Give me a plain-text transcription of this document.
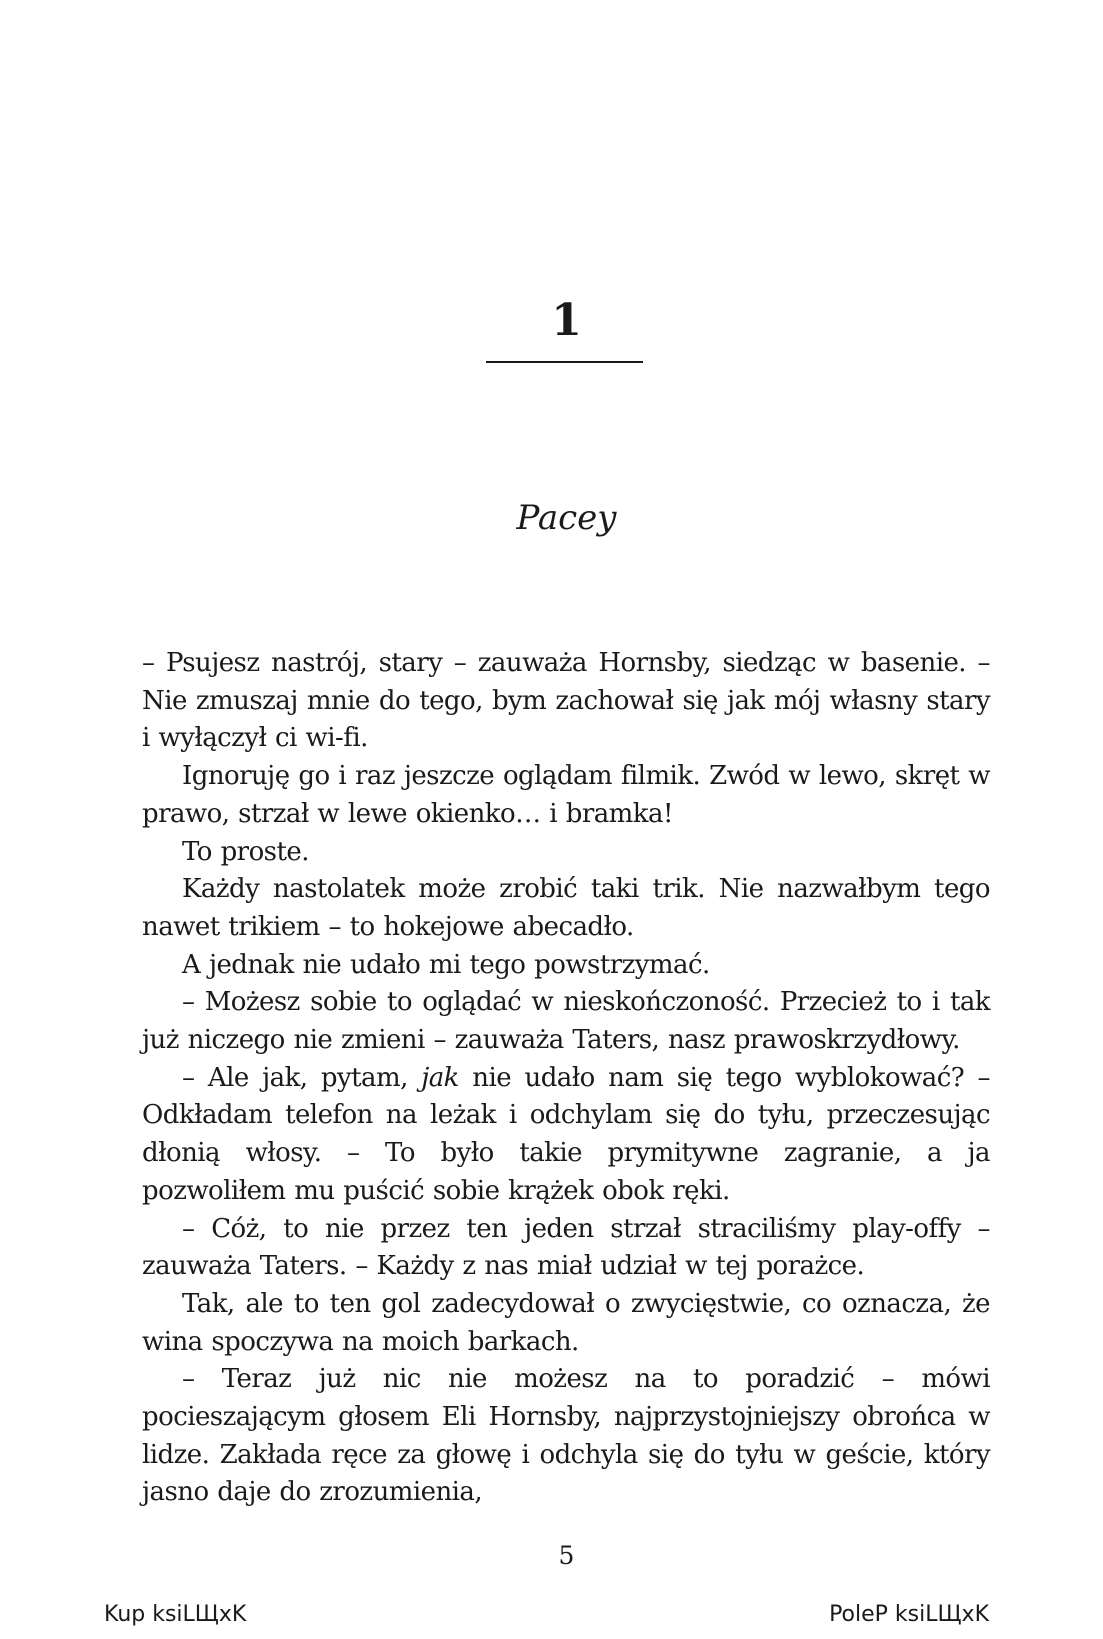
1
Pacey

– Psujesz nastrój, stary – zauważa Hornsby, siedząc w basenie. – Nie zmuszaj mnie do tego, bym zachował się jak mój własny stary i wyłączył ci wi-fi.

Ignoruję go i raz jeszcze oglądam filmik. Zwód w lewo, skręt w prawo, strzał w lewe okienko… i bramka!

To proste.

Każdy nastolatek może zrobić taki trik. Nie nazwałbym tego nawet trikiem – to hokejowe abecadło.

A jednak nie udało mi tego powstrzymać.

– Możesz sobie to oglądać w nieskończoność. Przecież to i tak już niczego nie zmieni – zauważa Taters, nasz prawoskrzydłowy.

– Ale jak, pytam, jak nie udało nam się tego wyblokować? – Odkładam telefon na leżak i odchylam się do tyłu, przeczesując dłonią włosy. – To było takie prymitywne zagranie, a ja pozwoliłem mu puścić sobie krążek obok ręki.

– Cóż, to nie przez ten jeden strzał straciliśmy play-offy – zauważa Taters. – Każdy z nas miał udział w tej porażce.

Tak, ale to ten gol zadecydował o zwycięstwie, co oznacza, że wina spoczywa na moich barkach.

– Teraz już nic nie możesz na to poradzić – mówi pocieszającym głosem Eli Hornsby, najprzystojniejszy obrońca w lidze. Zakłada ręce za głowę i odchyla się do tyłu w geście, który jasno daje do zrozumienia,

5
Kup ksiLЩxK	PoleP ksiLЩxK
